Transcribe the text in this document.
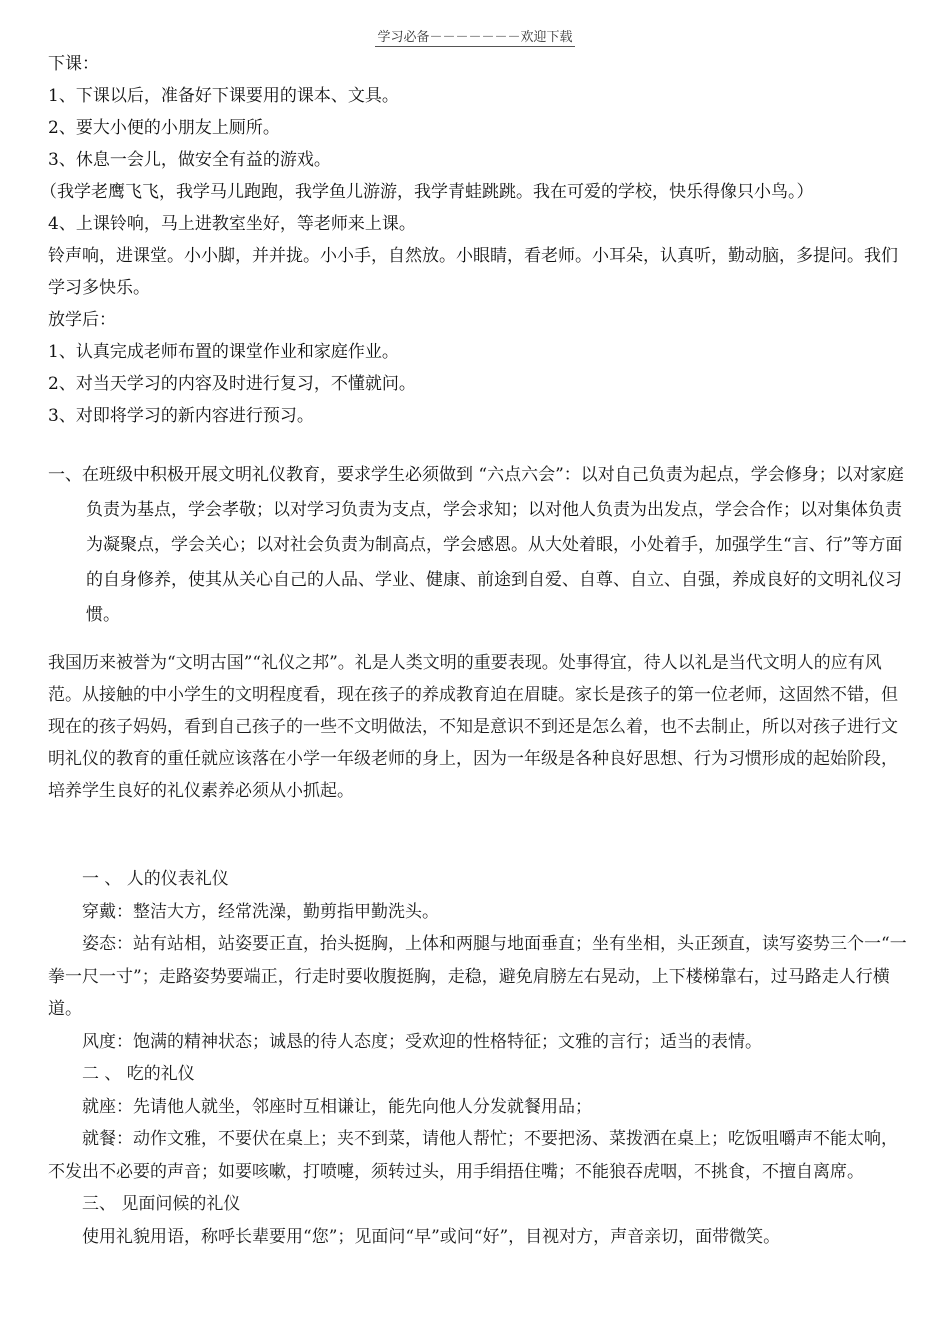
学习必备－－－－－－－欢迎下载

下课：

1、下课以后，准备好下课要用的课本、文具。

2、要大小便的小朋友上厕所。

3、休息一会儿，做安全有益的游戏。

（我学老鹰飞飞，我学马儿跑跑，我学鱼儿游游，我学青蛙跳跳。我在可爱的学校，快乐得像只小鸟。）

4、上课铃响，马上进教室坐好，等老师来上课。

铃声响，进课堂。小小脚，并并拢。小小手，自然放。小眼睛，看老师。小耳朵，认真听，勤动脑，多提问。我们学习多快乐。

放学后：

1、认真完成老师布置的课堂作业和家庭作业。

2、对当天学习的内容及时进行复习，不懂就问。

3、对即将学习的新内容进行预习。

一、在班级中积极开展文明礼仪教育，要求学生必须做到 “六点六会”：以对自己负责为起点，学会修身；以对家庭负责为基点，学会孝敬；以对学习负责为支点，学会求知；以对他人负责为出发点，学会合作；以对集体负责为凝聚点，学会关心；以对社会负责为制高点，学会感恩。从大处着眼，小处着手，加强学生“言、行”等方面的自身修养，使其从关心自己的人品、学业、健康、前途到自爱、自尊、自立、自强，养成良好的文明礼仪习惯。

我国历来被誉为“文明古国”“礼仪之邦”。礼是人类文明的重要表现。处事得宜，待人以礼是当代文明人的应有风范。从接触的中小学生的文明程度看，现在孩子的养成教育迫在眉睫。家长是孩子的第一位老师，这固然不错，但现在的孩子妈妈，看到自己孩子的一些不文明做法，不知是意识不到还是怎么着，也不去制止，所以对孩子进行文明礼仪的教育的重任就应该落在小学一年级老师的身上，因为一年级是各种良好思想、行为习惯形成的起始阶段，培养学生良好的礼仪素养必须从小抓起。

一 、 人的仪表礼仪

穿戴：整洁大方，经常洗澡，勤剪指甲勤洗头。

姿态：站有站相，站姿要正直，抬头挺胸，上体和两腿与地面垂直；坐有坐相，头正颈直，读写姿势三个一“一拳一尺一寸”；走路姿势要端正，行走时要收腹挺胸，走稳，避免肩膀左右晃动，上下楼梯靠右，过马路走人行横道。

风度：饱满的精神状态；诚恳的待人态度；受欢迎的性格特征；文雅的言行；适当的表情。

二 、 吃的礼仪

就座：先请他人就坐，邻座时互相谦让，能先向他人分发就餐用品；

就餐：动作文雅，不要伏在桌上；夹不到菜，请他人帮忙；不要把汤、菜拨洒在桌上；吃饭咀嚼声不能太响，不发出不必要的声音；如要咳嗽，打喷嚏，须转过头，用手绢捂住嘴；不能狼吞虎咽，不挑食，不擅自离席。

三、 见面问候的礼仪

使用礼貌用语，称呼长辈要用“您”；见面问“早”或问“好”，目视对方，声音亲切，面带微笑。
